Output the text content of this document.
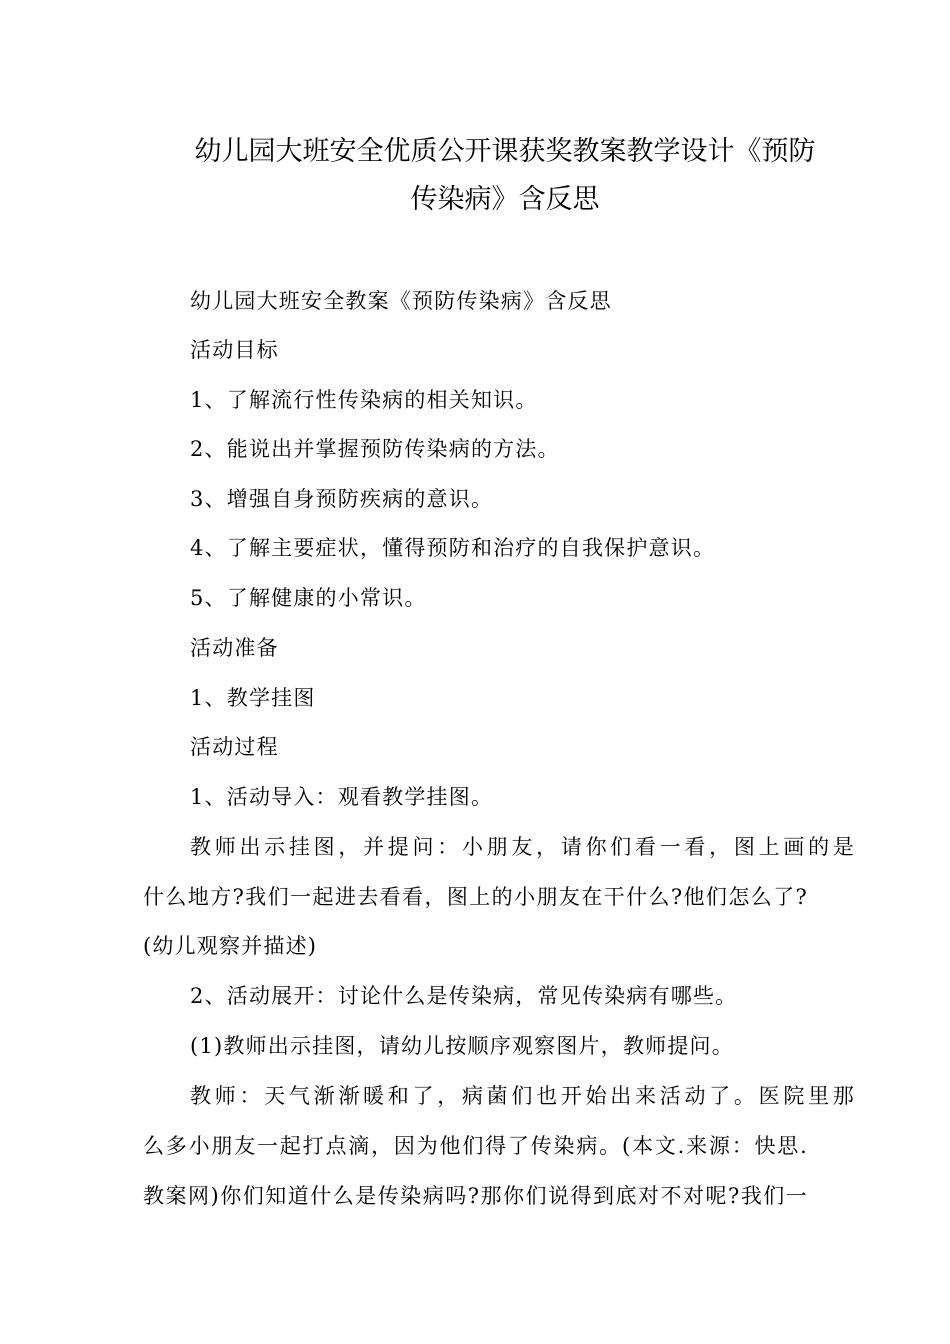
幼儿园大班安全优质公开课获奖教案教学设计《预防
传染病》含反思
幼儿园大班安全教案《预防传染病》含反思
活动目标
1、了解流行性传染病的相关知识。
2、能说出并掌握预防传染病的方法。
3、增强自身预防疾病的意识。
4、了解主要症状，懂得预防和治疗的自我保护意识。
5、了解健康的小常识。
活动准备
1、教学挂图
活动过程
1、活动导入：观看教学挂图。
教师出示挂图，并提问：小朋友，请你们看一看，图上画的是
什么地方?我们一起进去看看，图上的小朋友在干什么?他们怎么了?
(幼儿观察并描述)
2、活动展开：讨论什么是传染病，常见传染病有哪些。
(1)教师出示挂图，请幼儿按顺序观察图片，教师提问。
教师：天气渐渐暖和了，病菌们也开始出来活动了。医院里那
么多小朋友一起打点滴，因为他们得了传染病。(本文.来源：快思.
教案网)你们知道什么是传染病吗?那你们说得到底对不对呢?我们一
